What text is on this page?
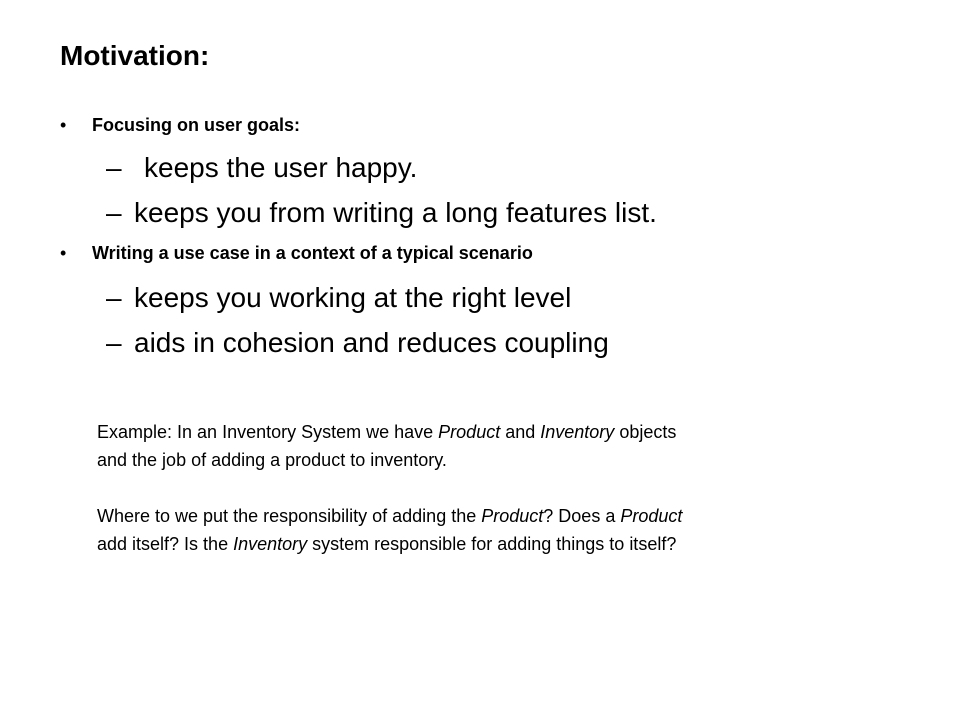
Motivation:
• Focusing on user goals:
– keeps the user happy.
– keeps you from writing a long features list.
• Writing a use case in a context of a typical scenario
– keeps you working at the right level
– aids in cohesion and reduces coupling

Example: In an Inventory System we have Product and Inventory objects

and the job of adding a product to inventory.

Where to we put the responsibility of adding the Product? Does a Product

add itself? Is the Inventory system responsible for adding things to itself?
